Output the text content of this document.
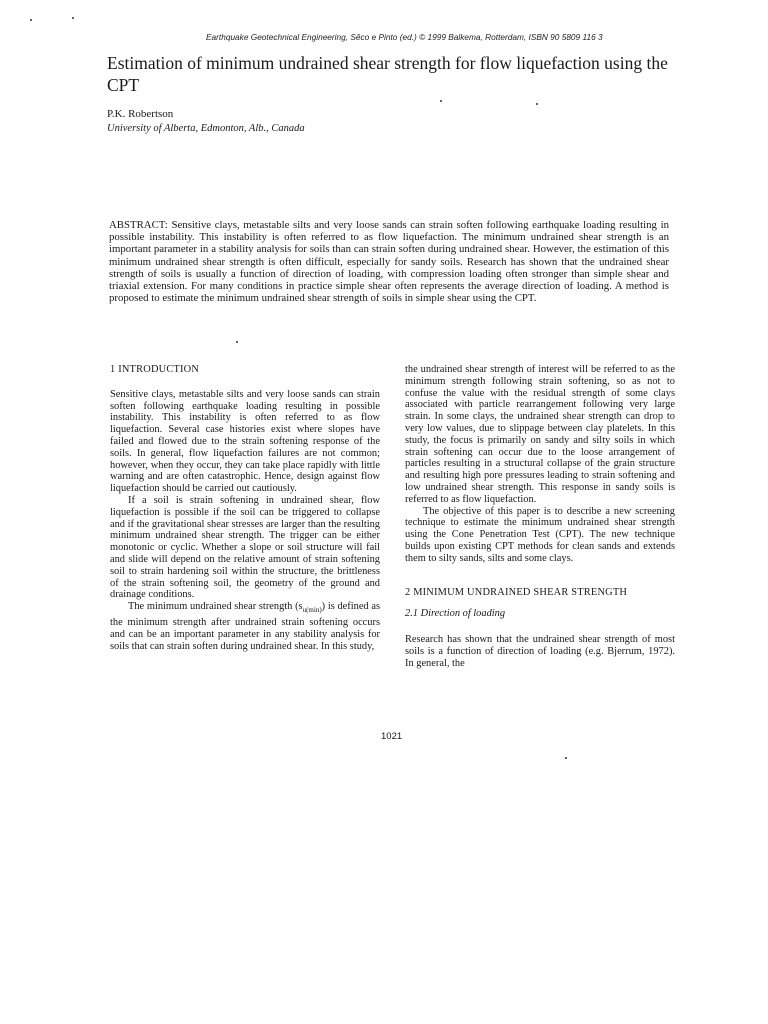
Earthquake Geotechnical Engineering, Sêco e Pinto (ed.) © 1999 Balkema, Rotterdam, ISBN 90 5809 116 3
Estimation of minimum undrained shear strength for flow liquefaction using the CPT
P.K. Robertson
University of Alberta, Edmonton, Alb., Canada
ABSTRACT: Sensitive clays, metastable silts and very loose sands can strain soften following earthquake loading resulting in possible instability. This instability is often referred to as flow liquefaction. The minimum undrained shear strength is an important parameter in a stability analysis for soils than can strain soften during undrained shear. However, the estimation of this minimum undrained shear strength is often difficult, especially for sandy soils. Research has shown that the undrained shear strength of soils is usually a function of direction of loading, with compression loading often stronger than simple shear and triaxial extension. For many conditions in practice simple shear often represents the average direction of loading. A method is proposed to estimate the minimum undrained shear strength of soils in simple shear using the CPT.
1 INTRODUCTION

Sensitive clays, metastable silts and very loose sands can strain soften following earthquake loading resulting in possible instability. This instability is often referred to as flow liquefaction. Several case histories exist where slopes have failed and flowed due to the strain softening response of the soils. In general, flow liquefaction failures are not common; however, when they occur, they can take place rapidly with little warning and are often catastrophic. Hence, design against flow liquefaction should be carried out cautiously.

If a soil is strain softening in undrained shear, flow liquefaction is possible if the soil can be triggered to collapse and if the gravitational shear stresses are larger than the resulting minimum undrained shear strength. The trigger can be either monotonic or cyclic. Whether a slope or soil structure will fail and slide will depend on the relative amount of strain softening soil to strain hardening soil within the structure, the brittleness of the strain softening soil, the geometry of the ground and drainage conditions.

The minimum undrained shear strength $(s_{u(min)})$ is defined as the minimum strength after undrained strain softening occurs and can be an important parameter in any stability analysis for soils that can strain soften during undrained shear. In this study,

the undrained shear strength of interest will be referred to as the minimum strength following strain softening, so as not to confuse the value with the residual strength of some clays associated with particle rearrangement following very large strain. In some clays, the undrained shear strength can drop to very low values, due to slippage between clay platelets. In this study, the focus is primarily on sandy and silty soils in which strain softening can occur due to the loose arrangement of particles resulting in a structural collapse of the grain structure and resulting high pore pressures leading to strain softening and low undrained shear strength. This response in sandy soils is referred to as flow liquefaction.

The objective of this paper is to describe a new screening technique to estimate the minimum undrained shear strength using the Cone Penetration Test (CPT). The new technique builds upon existing CPT methods for clean sands and extends them to silty sands, silts and some clays.

2 MINIMUM UNDRAINED SHEAR STRENGTH
2.1 Direction of loading

Research has shown that the undrained shear strength of most soils is a function of direction of loading (e.g. Bjerrum, 1972). In general, the

1021
